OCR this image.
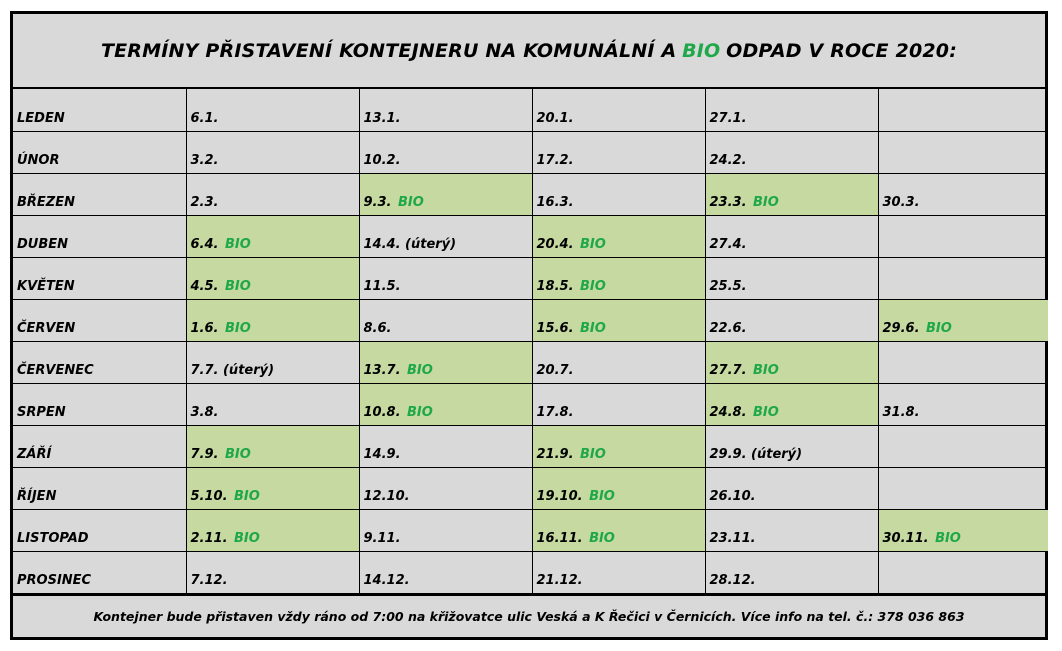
TERMÍNY PŘISTAVENÍ KONTEJNERU NA KOMUNÁLNÍ A BIO ODPAD V ROCE 2020:
LEDEN	6.1.	13.1.	20.1.	27.1.	
ÚNOR	3.2.	10.2.	17.2.	24.2.	
BŘEZEN	2.3.	9.3. BIO	16.3.	23.3. BIO	30.3.
DUBEN	6.4. BIO	14.4. (úterý)	20.4. BIO	27.4.	
KVĚTEN	4.5. BIO	11.5.	18.5. BIO	25.5.	
ČERVEN	1.6. BIO	8.6.	15.6. BIO	22.6.	29.6. BIO
ČERVENEC	7.7. (úterý)	13.7. BIO	20.7.	27.7. BIO	
SRPEN	3.8.	10.8. BIO	17.8.	24.8. BIO	31.8.
ZÁŘÍ	7.9. BIO	14.9.	21.9. BIO	29.9. (úterý)	
ŘÍJEN	5.10. BIO	12.10.	19.10. BIO	26.10.	
LISTOPAD	2.11. BIO	9.11.	16.11. BIO	23.11.	30.11. BIO
PROSINEC	7.12.	14.12.	21.12.	28.12.	
Kontejner bude přistaven vždy ráno od 7:00 na křižovatce ulic Veská a K Řečici v Černicích. Více info na tel. č.: 378 036 863
